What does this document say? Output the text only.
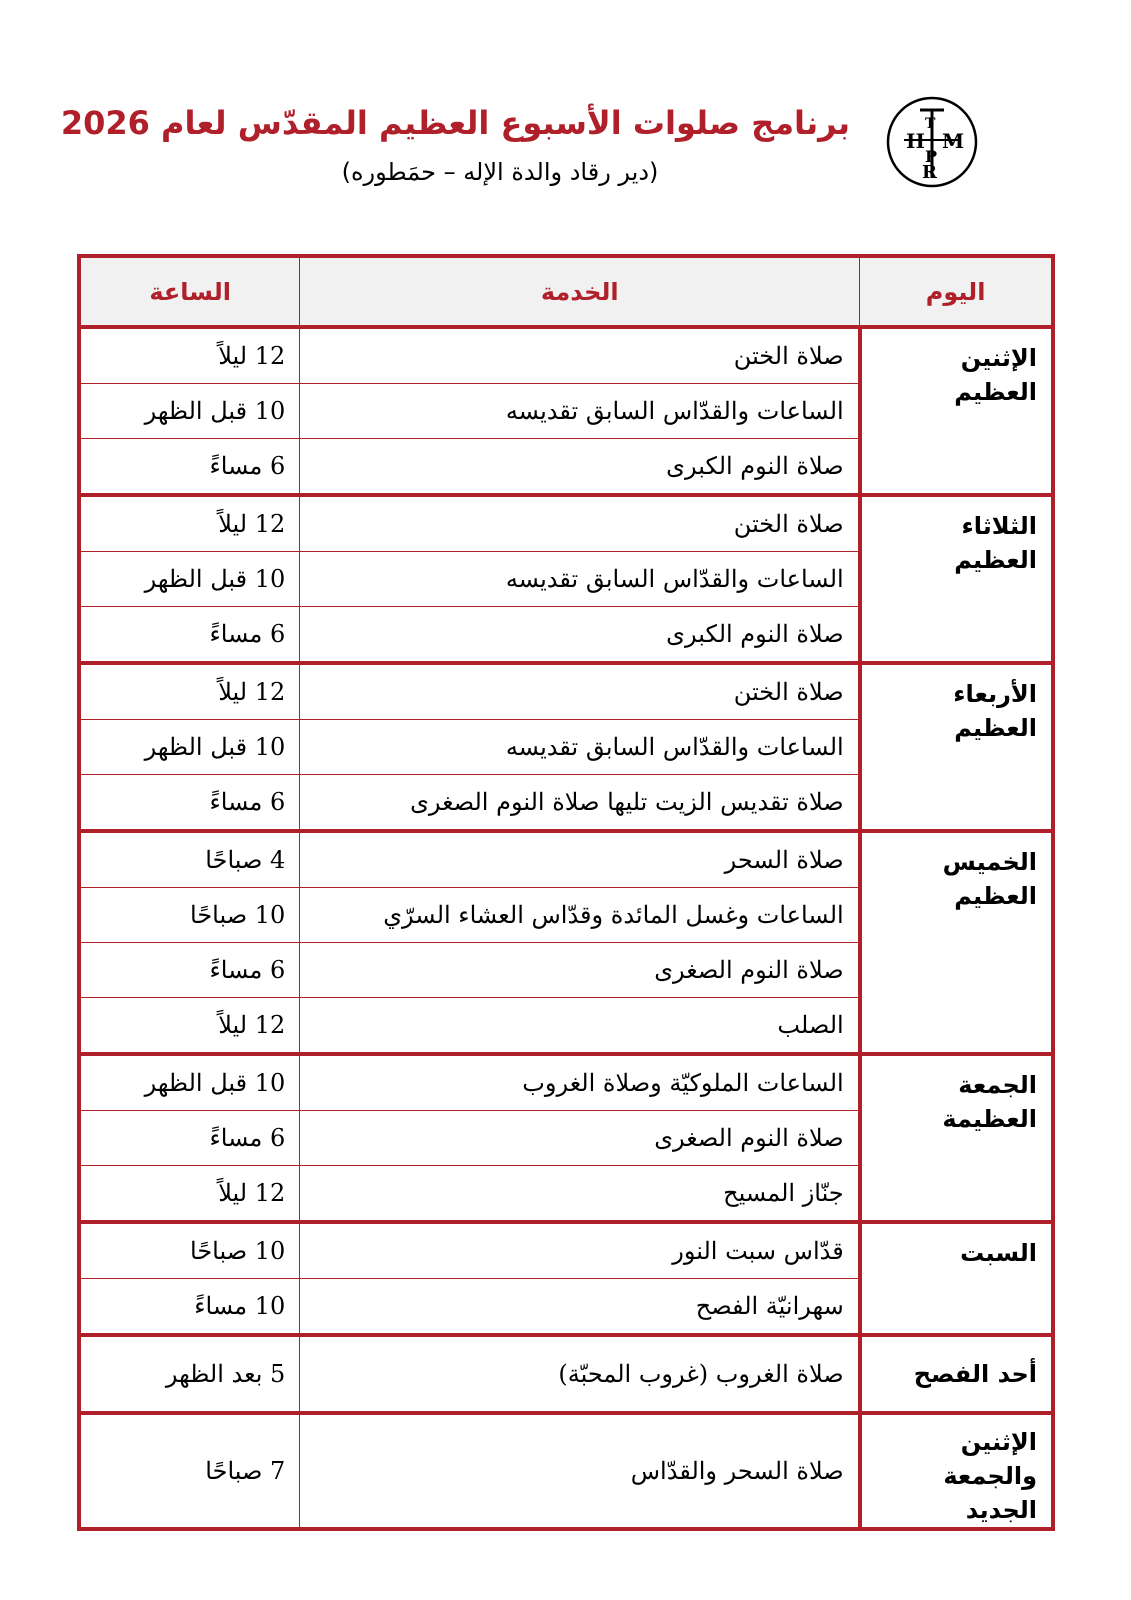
H M
T
P
R
برنامج صلوات الأسبوع العظيم المقدّس لعام 2026
(دير رقاد والدة الإله – حمَطوره)
اليوم	الخدمة	الساعة
الإثنين العظيم	صلاة الختن	12 ليلاً
	الساعات والقدّاس السابق تقديسه	10 قبل الظهر
	صلاة النوم الكبرى	6 مساءً
الثلاثاء العظيم	صلاة الختن	12 ليلاً
	الساعات والقدّاس السابق تقديسه	10 قبل الظهر
	صلاة النوم الكبرى	6 مساءً
الأربعاء العظيم	صلاة الختن	12 ليلاً
	الساعات والقدّاس السابق تقديسه	10 قبل الظهر
	صلاة تقديس الزيت تليها صلاة النوم الصغرى	6 مساءً
الخميس العظيم	صلاة السحر	4 صباحًا
	الساعات وغسل المائدة وقدّاس العشاء السرّي	10 صباحًا
	صلاة النوم الصغرى	6 مساءً
	الصلب	12 ليلاً
الجمعة العظيمة	الساعات الملوكيّة وصلاة الغروب	10 قبل الظهر
	صلاة النوم الصغرى	6 مساءً
	جنّاز المسيح	12 ليلاً
السبت	قدّاس سبت النور	10 صباحًا
	سهرانيّة الفصح	10 مساءً
أحد الفصح	صلاة الغروب (غروب المحبّة)	5 بعد الظهر
الإثنين والجمعة الجديد	صلاة السحر والقدّاس	7 صباحًا
